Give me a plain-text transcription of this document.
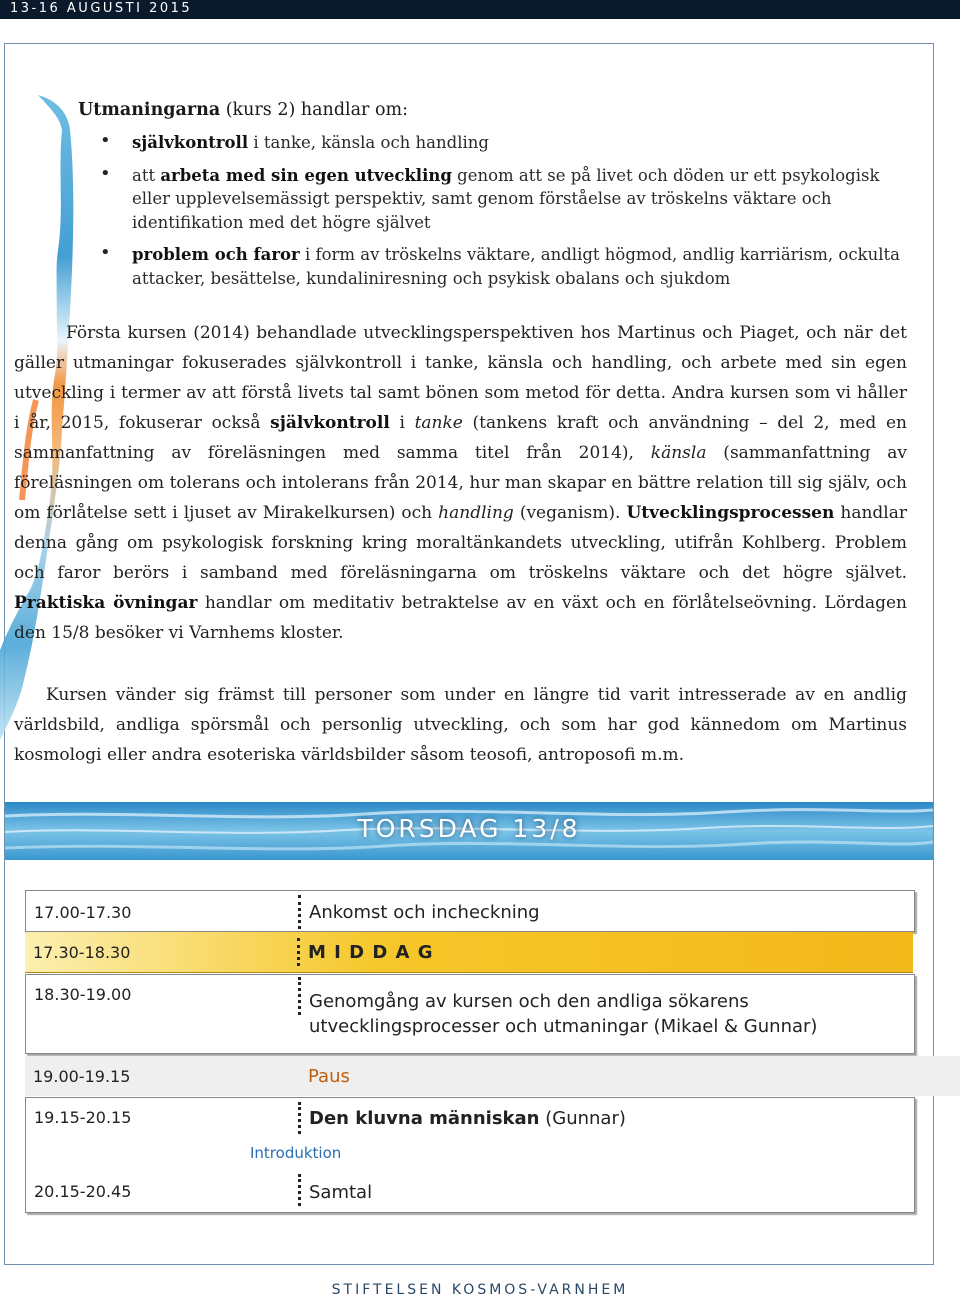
13-16 AUGUSTI 2015
Utmaningarna (kurs 2) handlar om:
• självkontroll i tanke, känsla och handling
• att arbeta med sin egen utveckling genom att se på livet och döden ur ett psykologisk eller upplevelsemässigt perspektiv, samt genom förståelse av tröskelns väktare och identifikation med det högre självet
• problem och faror i form av tröskelns väktare, andligt högmod, andlig karriärism, ockulta attacker, besättelse, kundaliniresning och psykisk obalans och sjukdom
Första kursen (2014) behandlade utvecklingsperspektiven hos Martinus och Piaget, och när det gäller utmaningar fokuserades självkontroll i tanke, känsla och handling, och arbete med sin egen utveckling i termer av att förstå livets tal samt bönen som metod för detta. Andra kursen som vi håller i år, 2015, fokuserar också självkontroll i tanke (tankens kraft och användning – del 2, med en sammanfattning av föreläsningen med samma titel från 2014), känsla (sammanfattning av föreläsningen om tolerans och intolerans från 2014, hur man skapar en bättre relation till sig själv, och om förlåtelse sett i ljuset av Mirakelkursen) och handling (veganism). Utvecklingsprocessen handlar denna gång om psykologisk forskning kring moraltänkandets utveckling, utifrån Kohlberg. Problem och faror berörs i samband med föreläsningarna om tröskelns väktare och det högre självet. Praktiska övningar handlar om meditativ betraktelse av en växt och en förlåtelseövning. Lördagen den 15/8 besöker vi Varnhems kloster.
Kursen vänder sig främst till personer som under en längre tid varit intresserade av en andlig världsbild, andliga spörsmål och personlig utveckling, och som har god kännedom om Martinus kosmologi eller andra esoteriska världsbilder såsom teosofi, antroposofi m.m.
TORSDAG 13/8
17.00-17.30	Ankomst och incheckning
17.30-18.30	M I D D A G
18.30-19.00	Genomgång av kursen och den andliga sökarens utvecklingsprocesser och utmaningar (Mikael & Gunnar)
19.00-19.15	Paus
19.15-20.15	Den kluvna människan (Gunnar)
Introduktion
20.15-20.45	Samtal
STIFTELSEN KOSMOS-VARNHEM
